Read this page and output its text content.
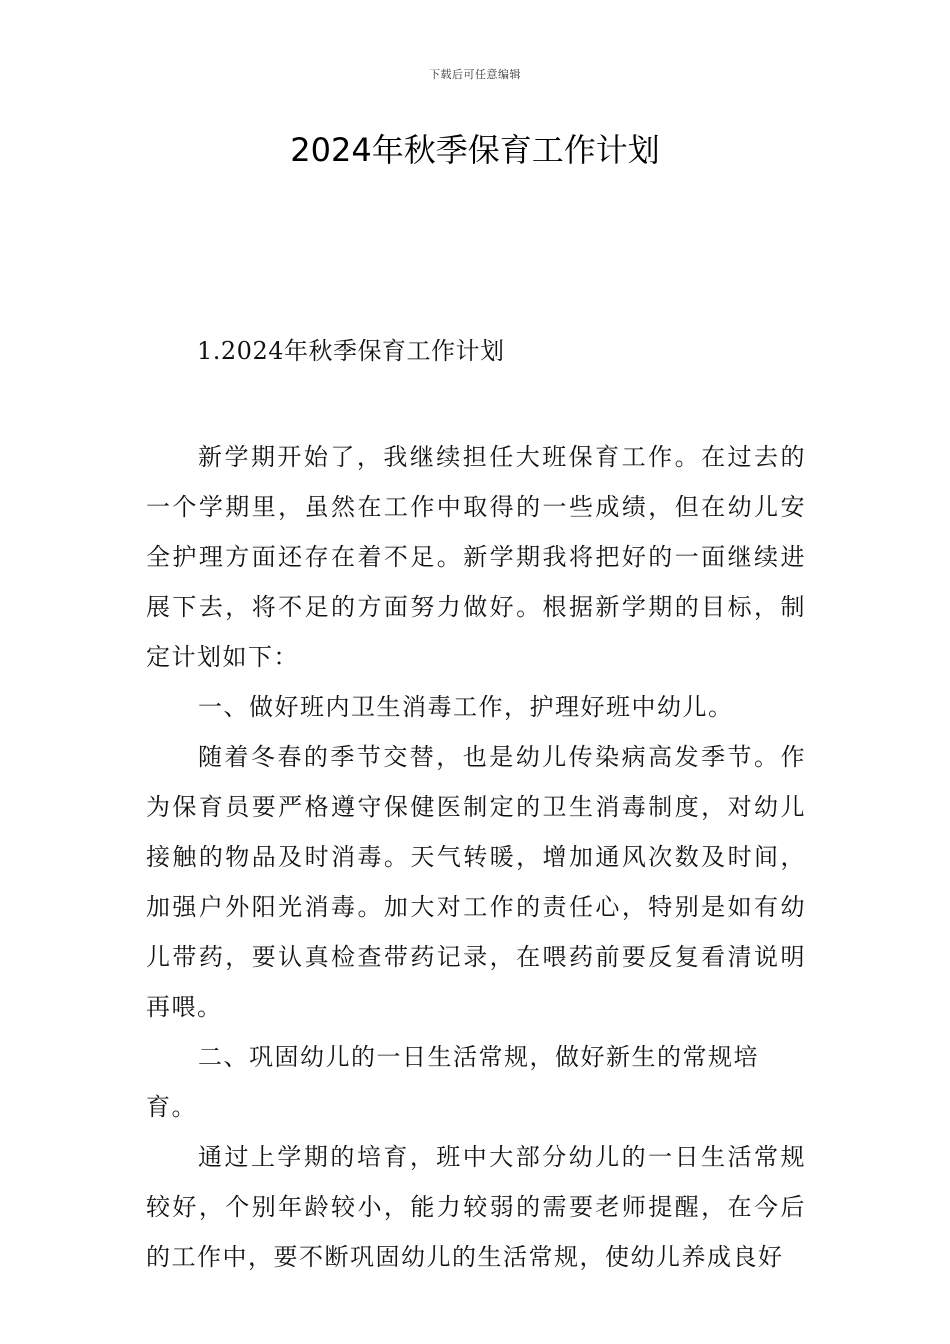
下载后可任意编辑
2024年秋季保育工作计划

1.2024年秋季保育工作计划

新学期开始了，我继续担任大班保育工作。在过去的一个学期里，虽然在工作中取得的一些成绩，但在幼儿安全护理方面还存在着不足。新学期我将把好的一面继续进展下去，将不足的方面努力做好。根据新学期的目标，制定计划如下：

一、做好班内卫生消毒工作，护理好班中幼儿。

随着冬春的季节交替，也是幼儿传染病高发季节。作为保育员要严格遵守保健医制定的卫生消毒制度，对幼儿接触的物品及时消毒。天气转暖，增加通风次数及时间，加强户外阳光消毒。加大对工作的责任心，特别是如有幼儿带药，要认真检查带药记录，在喂药前要反复看清说明再喂。

二、巩固幼儿的一日生活常规，做好新生的常规培育。

通过上学期的培育，班中大部分幼儿的一日生活常规较好，个别年龄较小，能力较弱的需要老师提醒，在今后的工作中，要不断巩固幼儿的生活常规，使幼儿养成良好
